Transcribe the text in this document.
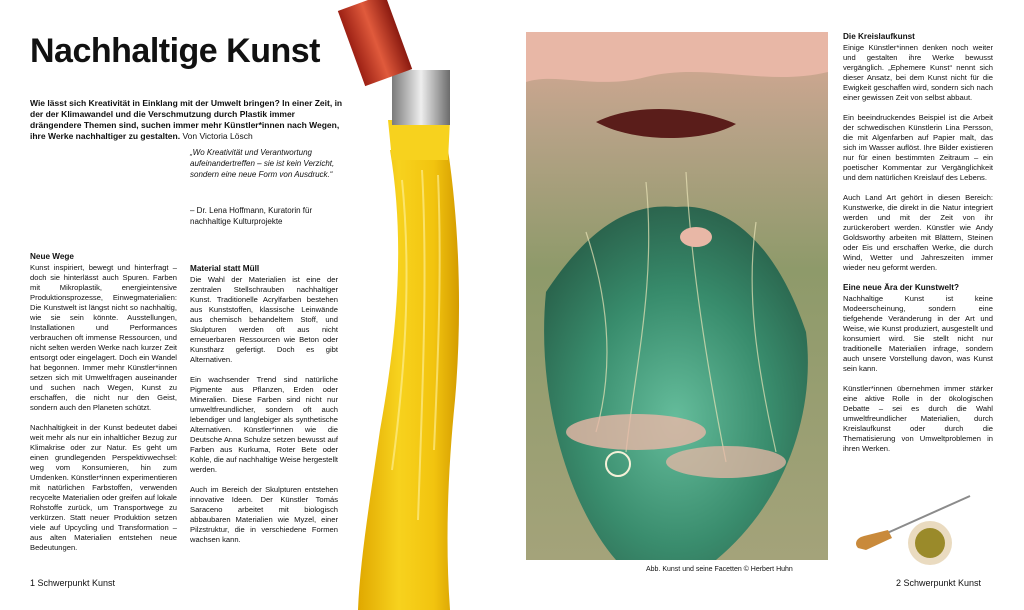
Nachhaltige Kunst

Wie lässt sich Kreativität in Einklang mit der Umwelt bringen? In einer Zeit, in der der Klimawandel und die Verschmutzung durch Plastik immer drängendere Themen sind, suchen immer mehr Künstler*innen nach Wegen, ihre Werke nachhaltiger zu gestalten. Von Victoria Lösch

„Wo Kreativität und Verantwortung aufeinandertreffen – sie ist kein Verzicht, sondern eine neue Form von Ausdruck.“

– Dr. Lena Hoffmann, Kuratorin für nachhaltige Kulturprojekte

Neue Wege

Kunst inspiriert, bewegt und hinterfragt – doch sie hinterlässt auch Spuren. Farben mit Mikroplastik, energieintensive Produktionsprozesse, Einwegmaterialien: Die Kunstwelt ist längst nicht so nachhaltig, wie sie sein könnte. Ausstellungen, Installationen und Performances verbrauchen oft immense Ressourcen, und nicht selten werden Werke nach kurzer Zeit entsorgt oder eingelagert. Doch ein Wandel hat begonnen. Immer mehr Künstler*innen setzen sich mit Umweltfragen auseinander und suchen nach Wegen, Kunst zu erschaffen, die nicht nur den Geist, sondern auch den Planeten schützt.

Nachhaltigkeit in der Kunst bedeutet dabei weit mehr als nur ein inhaltlicher Bezug zur Klimakrise oder zur Natur. Es geht um einen grundlegenden Perspektivwechsel: weg vom Konsumieren, hin zum Umdenken. Künstler*innen experimentieren mit natürlichen Farbstoffen, verwenden recycelte Materialien oder greifen auf lokale Rohstoffe zurück, um Transportwege zu verkürzen. Statt neuer Produktion setzen viele auf Upcycling und Transformation – aus alten Materialien entstehen neue Bedeutungen.

Material statt Müll

Die Wahl der Materialien ist eine der zentralen Stellschrauben nachhaltiger Kunst. Traditionelle Acrylfarben bestehen aus Kunststoffen, klassische Leinwände aus chemisch behandeltem Stoff, und Skulpturen werden oft aus nicht erneuerbaren Ressourcen wie Beton oder Kunstharz gefertigt. Doch es gibt Alternativen.

Ein wachsender Trend sind natürliche Pigmente aus Pflanzen, Erden oder Mineralien. Diese Farben sind nicht nur umweltfreundlicher, sondern oft auch lebendiger und langlebiger als synthetische Alternativen. Künstler*innen wie die Deutsche Anna Schulze setzen bewusst auf Farben aus Kurkuma, Roter Bete oder Kohle, die auf nachhaltige Weise hergestellt werden.

Auch im Bereich der Skulpturen entstehen innovative Ideen. Der Künstler Tomás Saraceno arbeitet mit biologisch abbaubaren Materialien wie Myzel, einer Pilzstruktur, die in verschiedene Formen wachsen kann.

Die Kreislaufkunst

Einige Künstler*innen denken noch weiter und gestalten ihre Werke bewusst vergänglich. „Ephemere Kunst“ nennt sich dieser Ansatz, bei dem Kunst nicht für die Ewigkeit geschaffen wird, sondern sich nach einer gewissen Zeit von selbst abbaut.

Ein beeindruckendes Beispiel ist die Arbeit der schwedischen Künstlerin Lina Persson, die mit Algenfarben auf Papier malt, das sich im Wasser auflöst. Ihre Bilder existieren nur für einen bestimmten Zeitraum – ein poetischer Kommentar zur Vergänglichkeit und dem natürlichen Kreislauf des Lebens.

Auch Land Art gehört in diesen Bereich: Kunstwerke, die direkt in die Natur integriert werden und mit der Zeit von ihr zurückerobert werden. Künstler wie Andy Goldsworthy arbeiten mit Blättern, Steinen oder Eis und erschaffen Werke, die durch Wind, Wetter und Jahreszeiten immer wieder neu geformt werden.

Eine neue Ära der Kunstwelt?

Nachhaltige Kunst ist keine Modeerscheinung, sondern eine tiefgehende Veränderung in der Art und Weise, wie Kunst produziert, ausgestellt und konsumiert wird. Sie stellt nicht nur traditionelle Materialien infrage, sondern auch unsere Vorstellung davon, was Kunst sein kann.

Künstler*innen übernehmen immer stärker eine aktive Rolle in der ökologischen Debatte – sei es durch die Wahl umweltfreundlicher Materialien, durch Kreislaufkunst oder durch die Thematisierung von Umweltproblemen in ihren Werken.

Abb. Kunst und seine Facetten © Herbert Huhn
1 Schwerpunkt Kunst	2 Schwerpunkt Kunst
